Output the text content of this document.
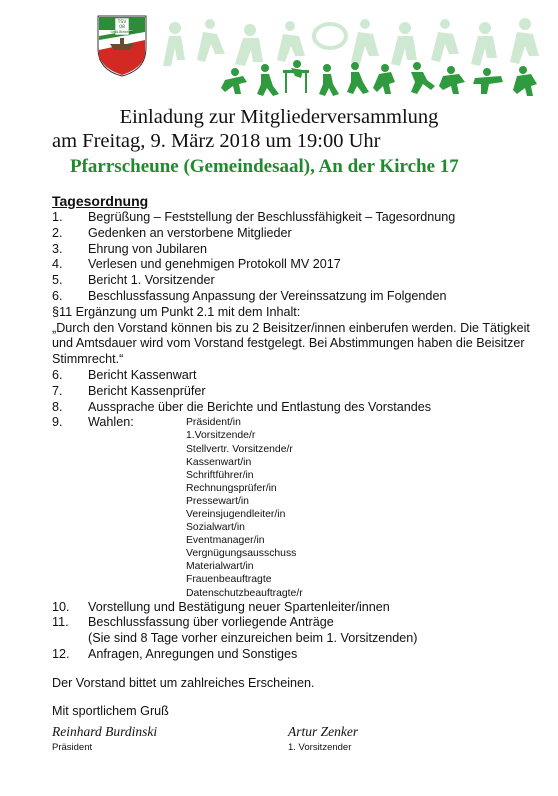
TSV
08
Groß-Bieberau
Einladung zur Mitgliederversammlung
am Freitag, 9. März 2018 um 19:00 Uhr
Pfarrscheune (Gemeindesaal), An der Kirche 17
Tagesordnung
1.	Begrüßung – Feststellung der Beschlussfähigkeit – Tagesordnung
2.	Gedenken an verstorbene Mitglieder
3.	Ehrung von Jubilaren
4.	Verlesen und genehmigen Protokoll MV 2017
5.	Bericht 1. Vorsitzender
6.	Beschlussfassung Anpassung der Vereinssatzung im Folgenden
§11 Ergänzung um Punkt 2.1 mit dem Inhalt:
„Durch den Vorstand können bis zu 2 Beisitzer/innen einberufen werden. Die Tätigkeit und Amtsdauer wird vom Vorstand festgelegt. Bei Abstimmungen haben die Beisitzer Stimmrecht.“
6.	Bericht Kassenwart
7.	Bericht Kassenprüfer
8.	Aussprache über die Berichte und Entlastung des Vorstandes
9.	Wahlen:	Präsident/in
1.Vorsitzende/r
Stellvertr. Vorsitzende/r
Kassenwart/in
Schriftführer/in
Rechnungsprüfer/in
Pressewart/in
Vereinsjugendleiter/in
Sozialwart/in
Eventmanager/in
Vergnügungsausschuss
Materialwart/in
Frauenbeauftragte
Datenschutzbeauftragte/r
10.	Vorstellung und Bestätigung neuer Spartenleiter/innen
11.	Beschlussfassung über vorliegende Anträge
(Sie sind 8 Tage vorher einzureichen beim 1. Vorsitzenden)
12.	Anfragen, Anregungen und Sonstiges
Der Vorstand bittet um zahlreiches Erscheinen.
Mit sportlichem Gruß
Reinhard Burdinski
Präsident
Artur Zenker
1. Vorsitzender
